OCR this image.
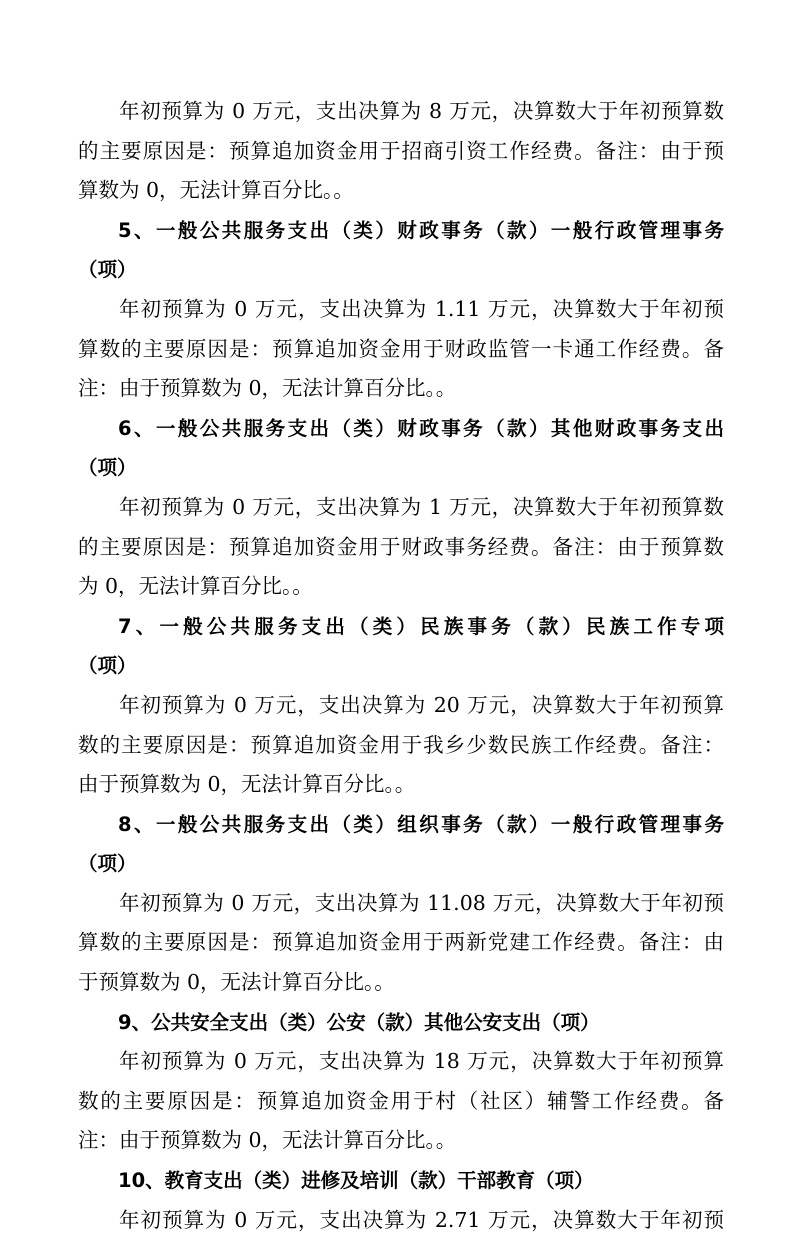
年初预算为 0 万元，支出决算为 8 万元，决算数大于年初预算数
的主要原因是：预算追加资金用于招商引资工作经费。备注：由于预
算数为 0，无法计算百分比。。
5、一般公共服务支出（类）财政事务（款）一般行政管理事务
（项）
年初预算为 0 万元，支出决算为 1.11 万元，决算数大于年初预
算数的主要原因是：预算追加资金用于财政监管一卡通工作经费。备
注：由于预算数为 0，无法计算百分比。。
6、一般公共服务支出（类）财政事务（款）其他财政事务支出
（项）
年初预算为 0 万元，支出决算为 1 万元，决算数大于年初预算数
的主要原因是：预算追加资金用于财政事务经费。备注：由于预算数
为 0，无法计算百分比。。
7、一般公共服务支出（类）民族事务（款）民族工作专项
（项）
年初预算为 0 万元，支出决算为 20 万元，决算数大于年初预算
数的主要原因是：预算追加资金用于我乡少数民族工作经费。备注：
由于预算数为 0，无法计算百分比。。
8、一般公共服务支出（类）组织事务（款）一般行政管理事务
（项）
年初预算为 0 万元，支出决算为 11.08 万元，决算数大于年初预
算数的主要原因是：预算追加资金用于两新党建工作经费。备注：由
于预算数为 0，无法计算百分比。。
9、公共安全支出（类）公安（款）其他公安支出（项）
年初预算为 0 万元，支出决算为 18 万元，决算数大于年初预算
数的主要原因是：预算追加资金用于村（社区）辅警工作经费。备
注：由于预算数为 0，无法计算百分比。。
10、教育支出（类）进修及培训（款）干部教育（项）
年初预算为 0 万元，支出决算为 2.71 万元，决算数大于年初预
